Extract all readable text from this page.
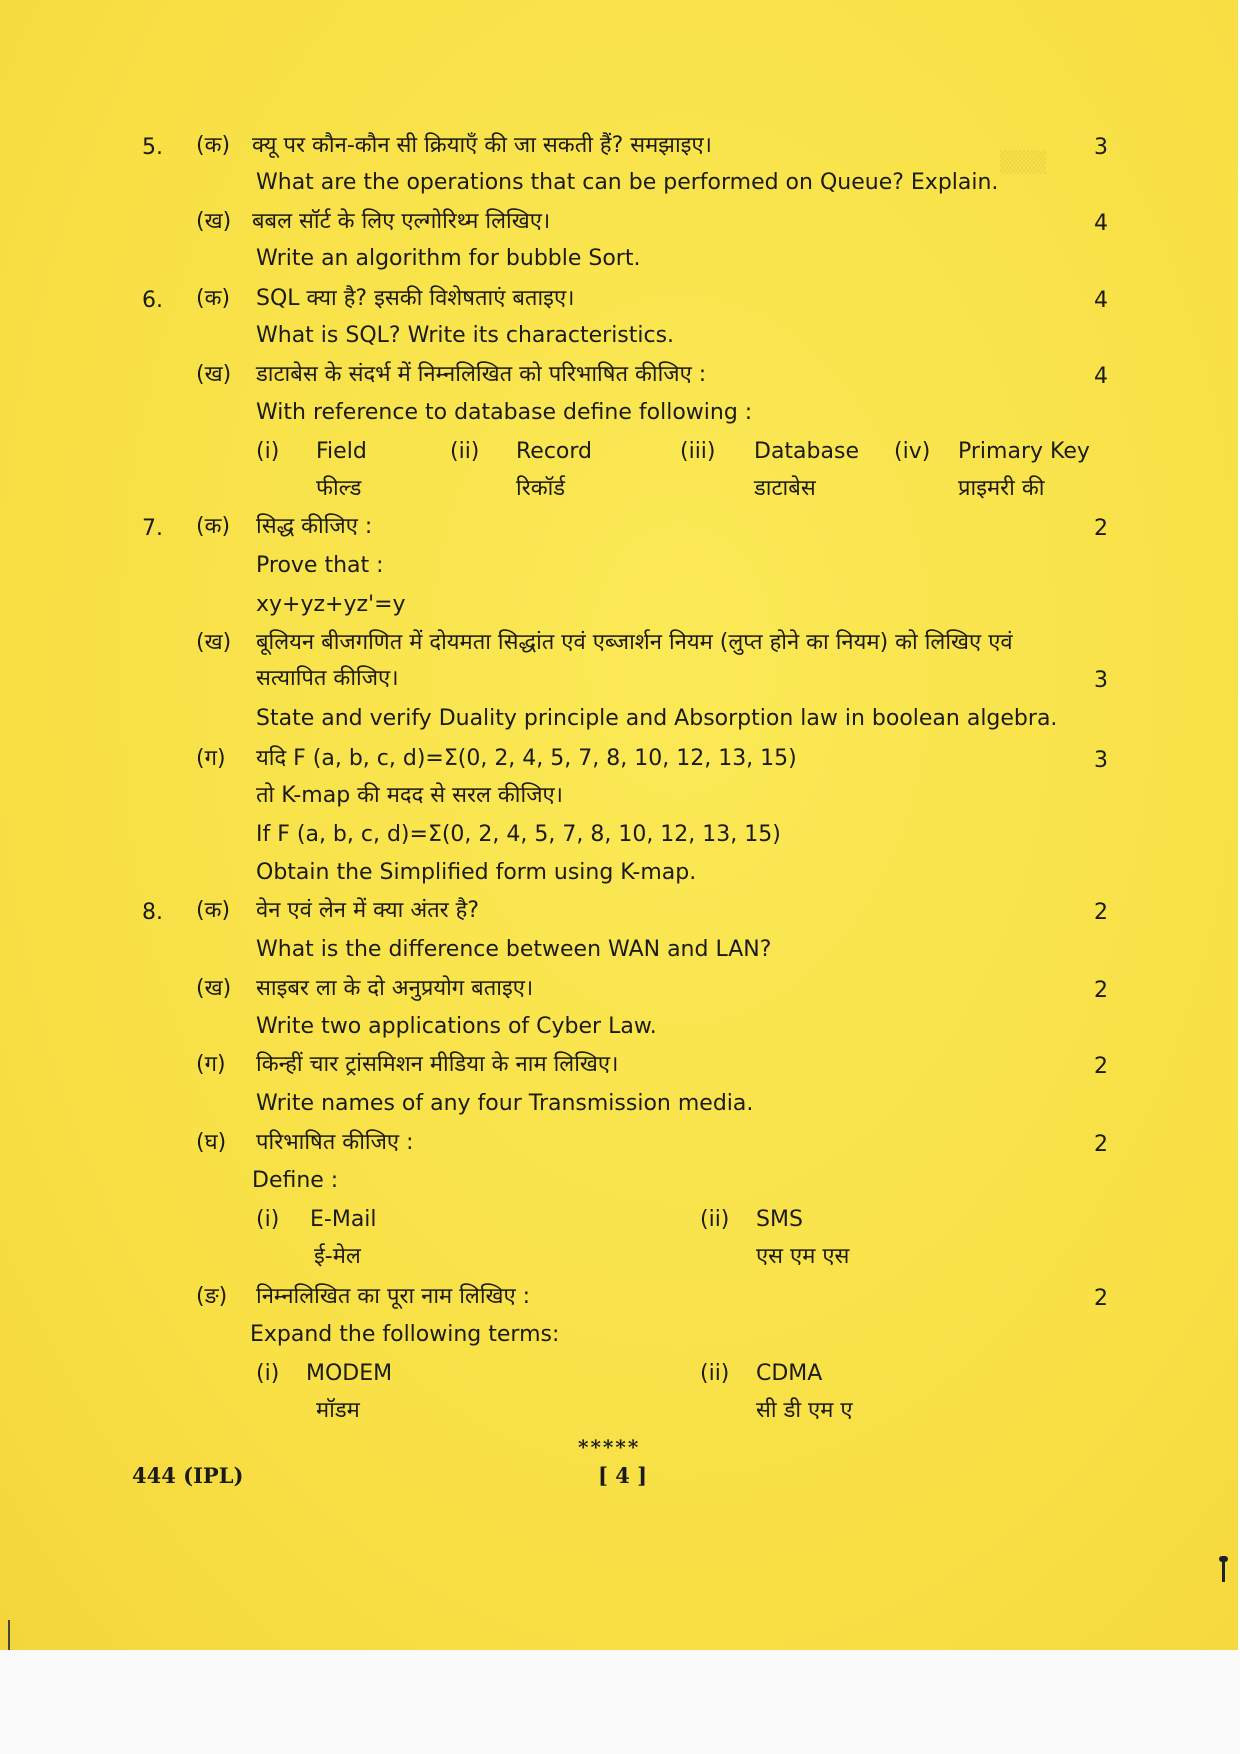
▒▒▒
5. (क) क्यू पर कौन-कौन सी क्रियाएँ की जा सकती हैं? समझाइए।	3
What are the operations that can be performed on Queue? Explain.
(ख) बबल सॉर्ट के लिए एल्गोरिथ्म लिखिए।	4
Write an algorithm for bubble Sort.
6. (क) SQL क्या है? इसकी विशेषताएं बताइए।	4
What is SQL? Write its characteristics.
(ख) डाटाबेस के संदर्भ में निम्नलिखित को परिभाषित कीजिए :	4
With reference to database define following :
(i) Field
फील्ड
(ii) Record
रिकॉर्ड
(iii) Database
डाटाबेस
(iv) Primary Key
प्राइमरी की
7. (क) सिद्ध कीजिए :	2
Prove that :
xy+yz+yz'=y
(ख) बूलियन बीजगणित में दोयमता सिद्धांत एवं एब्जार्शन नियम (लुप्त होने का नियम) को लिखिए एवं
सत्यापित कीजिए।	3
State and verify Duality principle and Absorption law in boolean algebra.
(ग) यदि F (a, b, c, d)=Σ(0, 2, 4, 5, 7, 8, 10, 12, 13, 15)	3
तो K-map की मदद से सरल कीजिए।
If F (a, b, c, d)=Σ(0, 2, 4, 5, 7, 8, 10, 12, 13, 15)
Obtain the Simplified form using K-map.
8. (क) वेन एवं लेन में क्या अंतर है?	2
What is the difference between WAN and LAN?
(ख) साइबर ला के दो अनुप्रयोग बताइए।	2
Write two applications of Cyber Law.
(ग) किन्हीं चार ट्रांसमिशन मीडिया के नाम लिखिए।	2
Write names of any four Transmission media.
(घ) परिभाषित कीजिए :	2
Define :
(i) E-Mail
ई-मेल
(ii) SMS
एस एम एस
(ङ) निम्नलिखित का पूरा नाम लिखिए :	2
Expand the following terms:
(i) MODEM
मॉडम
(ii) CDMA
सी डी एम ए
*****
444 (IPL)	[ 4 ]
